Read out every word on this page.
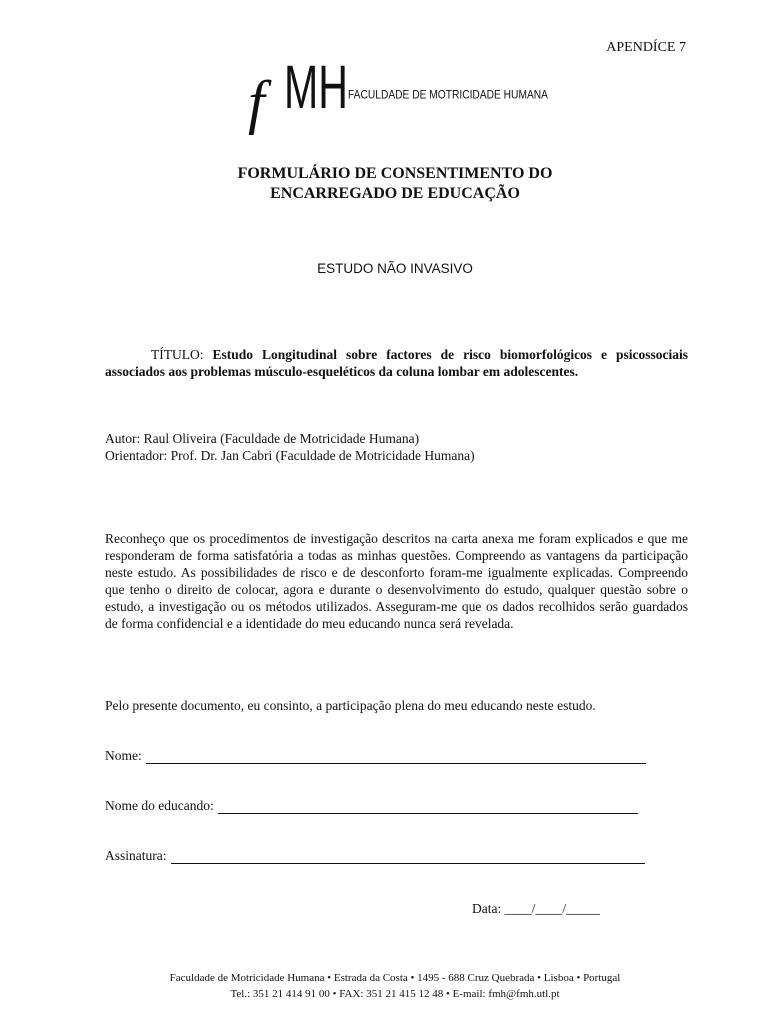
APENDÍCE 7
f MH FACULDADE DE MOTRICIDADE HUMANA
FORMULÁRIO DE CONSENTIMENTO DO
ENCARREGADO DE EDUCAÇÃO
ESTUDO NÃO INVASIVO
TÍTULO: Estudo Longitudinal sobre factores de risco biomorfológicos e psicossociais associados aos problemas músculo-esqueléticos da coluna lombar em adolescentes.
Autor: Raul Oliveira (Faculdade de Motricidade Humana)
Orientador: Prof. Dr. Jan Cabri (Faculdade de Motricidade Humana)
Reconheço que os procedimentos de investigação descritos na carta anexa me foram explicados e que me responderam de forma satisfatória a todas as minhas questões. Compreendo as vantagens da participação neste estudo. As possibilidades de risco e de desconforto foram-me igualmente explicadas. Compreendo que tenho o direito de colocar, agora e durante o desenvolvimento do estudo, qualquer questão sobre o estudo, a investigação ou os métodos utilizados. Asseguram-me que os dados recolhidos serão guardados de forma confidencial e a identidade do meu educando nunca será revelada.
Pelo presente documento, eu consinto, a participação plena do meu educando neste estudo.
Nome:
Nome do educando:
Assinatura:
Data: ____/____/_____
Faculdade de Motricidade Humana • Estrada da Costa • 1495 - 688 Cruz Quebrada • Lisboa • Portugal
Tel.: 351 21 414 91 00 • FAX: 351 21 415 12 48 • E-mail: fmh@fmh.utl.pt
